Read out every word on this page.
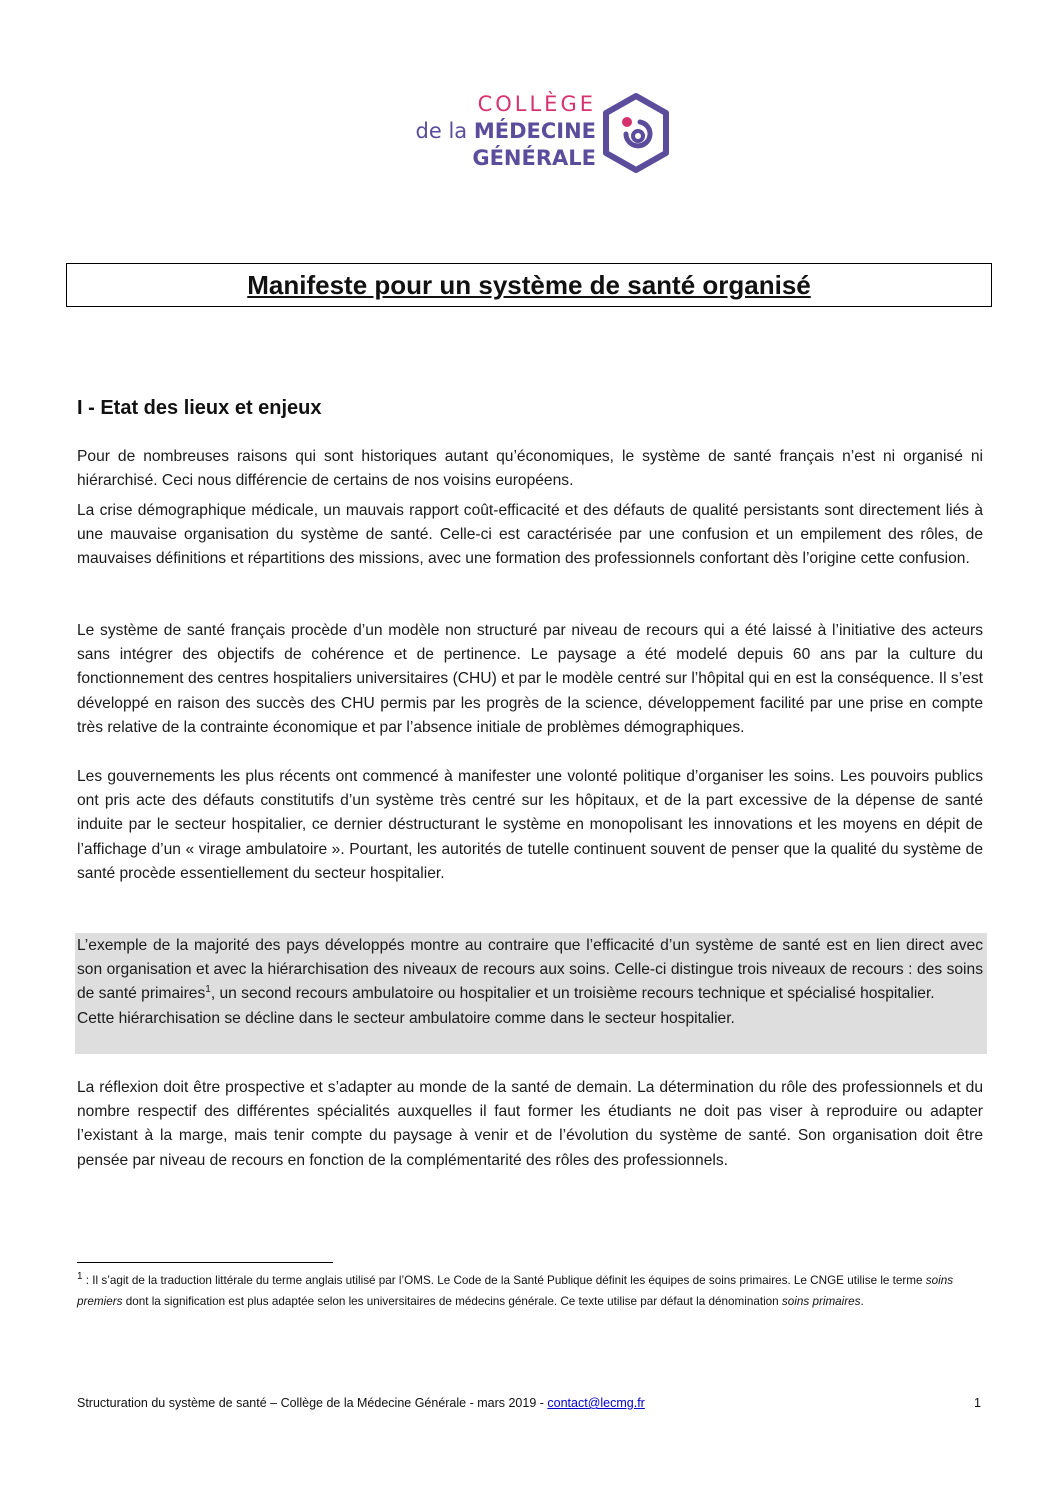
COLLÈGE
de la MÉDECINE
GÉNÉRALE
Manifeste pour un système de santé organisé
I - Etat des lieux et enjeux

Pour de nombreuses raisons qui sont historiques autant qu’économiques, le système de santé français n’est ni organisé ni hiérarchisé. Ceci nous différencie de certains de nos voisins européens.

La crise démographique médicale, un mauvais rapport coût-efficacité et des défauts de qualité persistants sont directement liés à une mauvaise organisation du système de santé. Celle-ci est caractérisée par une confusion et un empilement des rôles, de mauvaises définitions et répartitions des missions, avec une formation des professionnels confortant dès l’origine cette confusion.

Le système de santé français procède d’un modèle non structuré par niveau de recours qui a été laissé à l’initiative des acteurs sans intégrer des objectifs de cohérence et de pertinence. Le paysage a été modelé depuis 60 ans par la culture du fonctionnement des centres hospitaliers universitaires (CHU) et par le modèle centré sur l’hôpital qui en est la conséquence. Il s’est développé en raison des succès des CHU permis par les progrès de la science, développement facilité par une prise en compte très relative de la contrainte économique et par l’absence initiale de problèmes démographiques.

Les gouvernements les plus récents ont commencé à manifester une volonté politique d’organiser les soins. Les pouvoirs publics ont pris acte des défauts constitutifs d’un système très centré sur les hôpitaux, et de la part excessive de la dépense de santé induite par le secteur hospitalier, ce dernier déstructurant le système en monopolisant les innovations et les moyens en dépit de l’affichage d’un « virage ambulatoire ». Pourtant, les autorités de tutelle continuent souvent de penser que la qualité du système de santé procède essentiellement du secteur hospitalier.

L’exemple de la majorité des pays développés montre au contraire que l’efficacité d’un système de santé est en lien direct avec son organisation et avec la hiérarchisation des niveaux de recours aux soins. Celle-ci distingue trois niveaux de recours : des soins de santé primaires$^1$, un second recours ambulatoire ou hospitalier et un troisième recours technique et spécialisé hospitalier.
Cette hiérarchisation se décline dans le secteur ambulatoire comme dans le secteur hospitalier.

La réflexion doit être prospective et s’adapter au monde de la santé de demain. La détermination du rôle des professionnels et du nombre respectif des différentes spécialités auxquelles il faut former les étudiants ne doit pas viser à reproduire ou adapter l’existant à la marge, mais tenir compte du paysage à venir et de l’évolution du système de santé. Son organisation doit être pensée par niveau de recours en fonction de la complémentarité des rôles des professionnels.

$^1$ : Il s’agit de la traduction littérale du terme anglais utilisé par l’OMS. Le Code de la Santé Publique définit les équipes de soins primaires. Le CNGE utilise le terme soins premiers dont la signification est plus adaptée selon les universitaires de médecins générale. Ce texte utilise par défaut la dénomination soins primaires.

Structuration du système de santé – Collège de la Médecine Générale - mars 2019 - contact@lecmg.fr	1
